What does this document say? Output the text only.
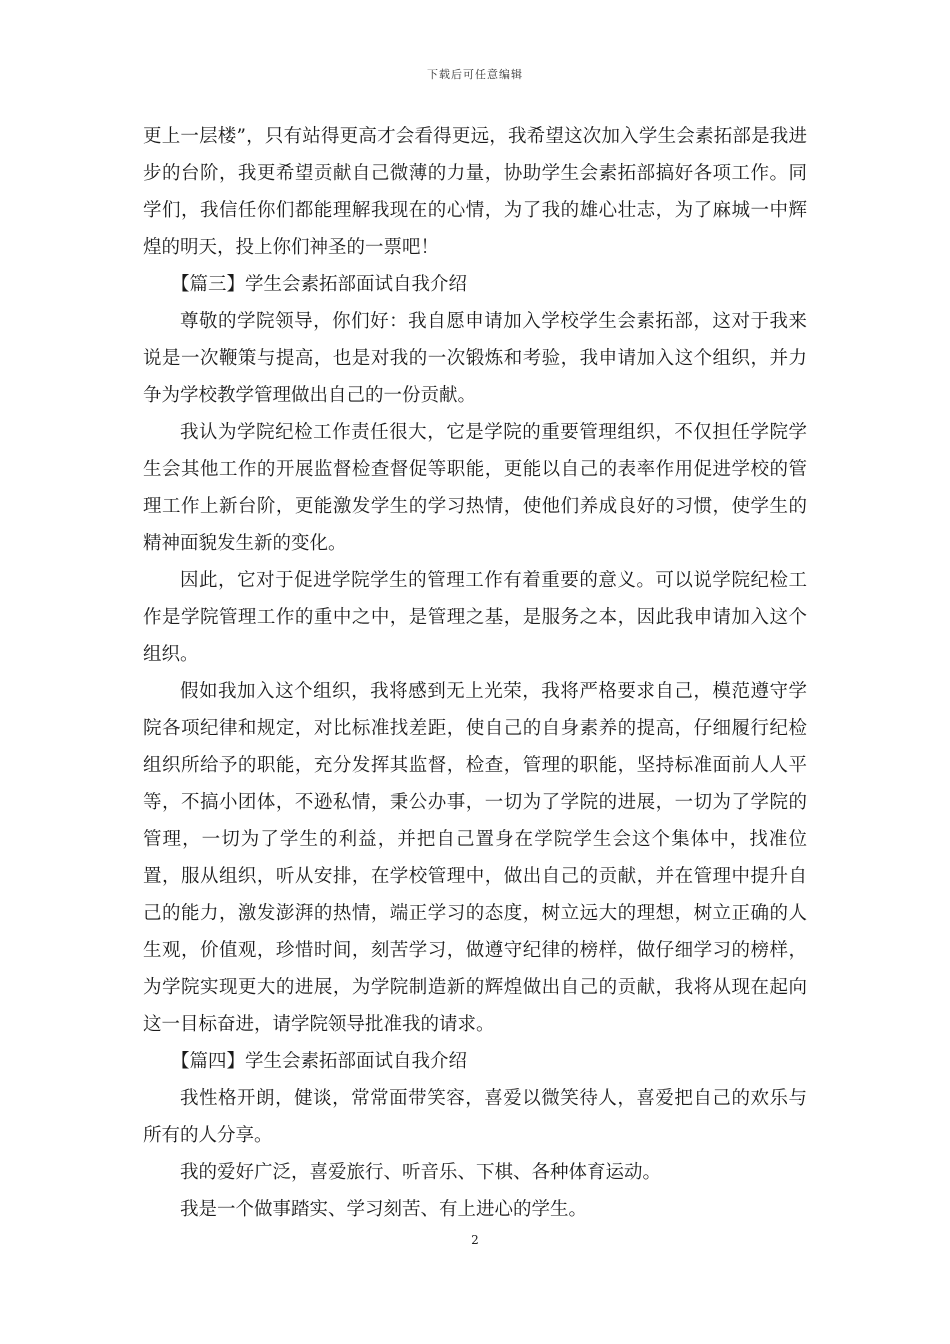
下载后可任意编辑

更上一层楼”，只有站得更高才会看得更远，我希望这次加入学生会素拓部是我进步的台阶，我更希望贡献自己微薄的力量，协助学生会素拓部搞好各项工作。同学们，我信任你们都能理解我现在的心情，为了我的雄心壮志，为了麻城一中辉煌的明天，投上你们神圣的一票吧！

【篇三】学生会素拓部面试自我介绍

尊敬的学院领导，你们好：我自愿申请加入学校学生会素拓部，这对于我来说是一次鞭策与提高，也是对我的一次锻炼和考验，我申请加入这个组织，并力争为学校教学管理做出自己的一份贡献。

我认为学院纪检工作责任很大，它是学院的重要管理组织，不仅担任学院学生会其他工作的开展监督检查督促等职能，更能以自己的表率作用促进学校的管理工作上新台阶，更能激发学生的学习热情，使他们养成良好的习惯，使学生的精神面貌发生新的变化。

因此，它对于促进学院学生的管理工作有着重要的意义。可以说学院纪检工作是学院管理工作的重中之中，是管理之基，是服务之本，因此我申请加入这个组织。

假如我加入这个组织，我将感到无上光荣，我将严格要求自己，模范遵守学院各项纪律和规定，对比标准找差距，使自己的自身素养的提高，仔细履行纪检组织所给予的职能，充分发挥其监督，检查，管理的职能，坚持标准面前人人平等，不搞小团体，不逊私情，秉公办事，一切为了学院的进展，一切为了学院的管理，一切为了学生的利益，并把自己置身在学院学生会这个集体中，找准位置，服从组织，听从安排，在学校管理中，做出自己的贡献，并在管理中提升自己的能力，激发澎湃的热情，端正学习的态度，树立远大的理想，树立正确的人生观，价值观，珍惜时间，刻苦学习，做遵守纪律的榜样，做仔细学习的榜样，为学院实现更大的进展，为学院制造新的辉煌做出自己的贡献，我将从现在起向这一目标奋进，请学院领导批准我的请求。

【篇四】学生会素拓部面试自我介绍

我性格开朗，健谈，常常面带笑容，喜爱以微笑待人，喜爱把自己的欢乐与所有的人分享。

我的爱好广泛，喜爱旅行、听音乐、下棋、各种体育运动。

我是一个做事踏实、学习刻苦、有上进心的学生。

2
